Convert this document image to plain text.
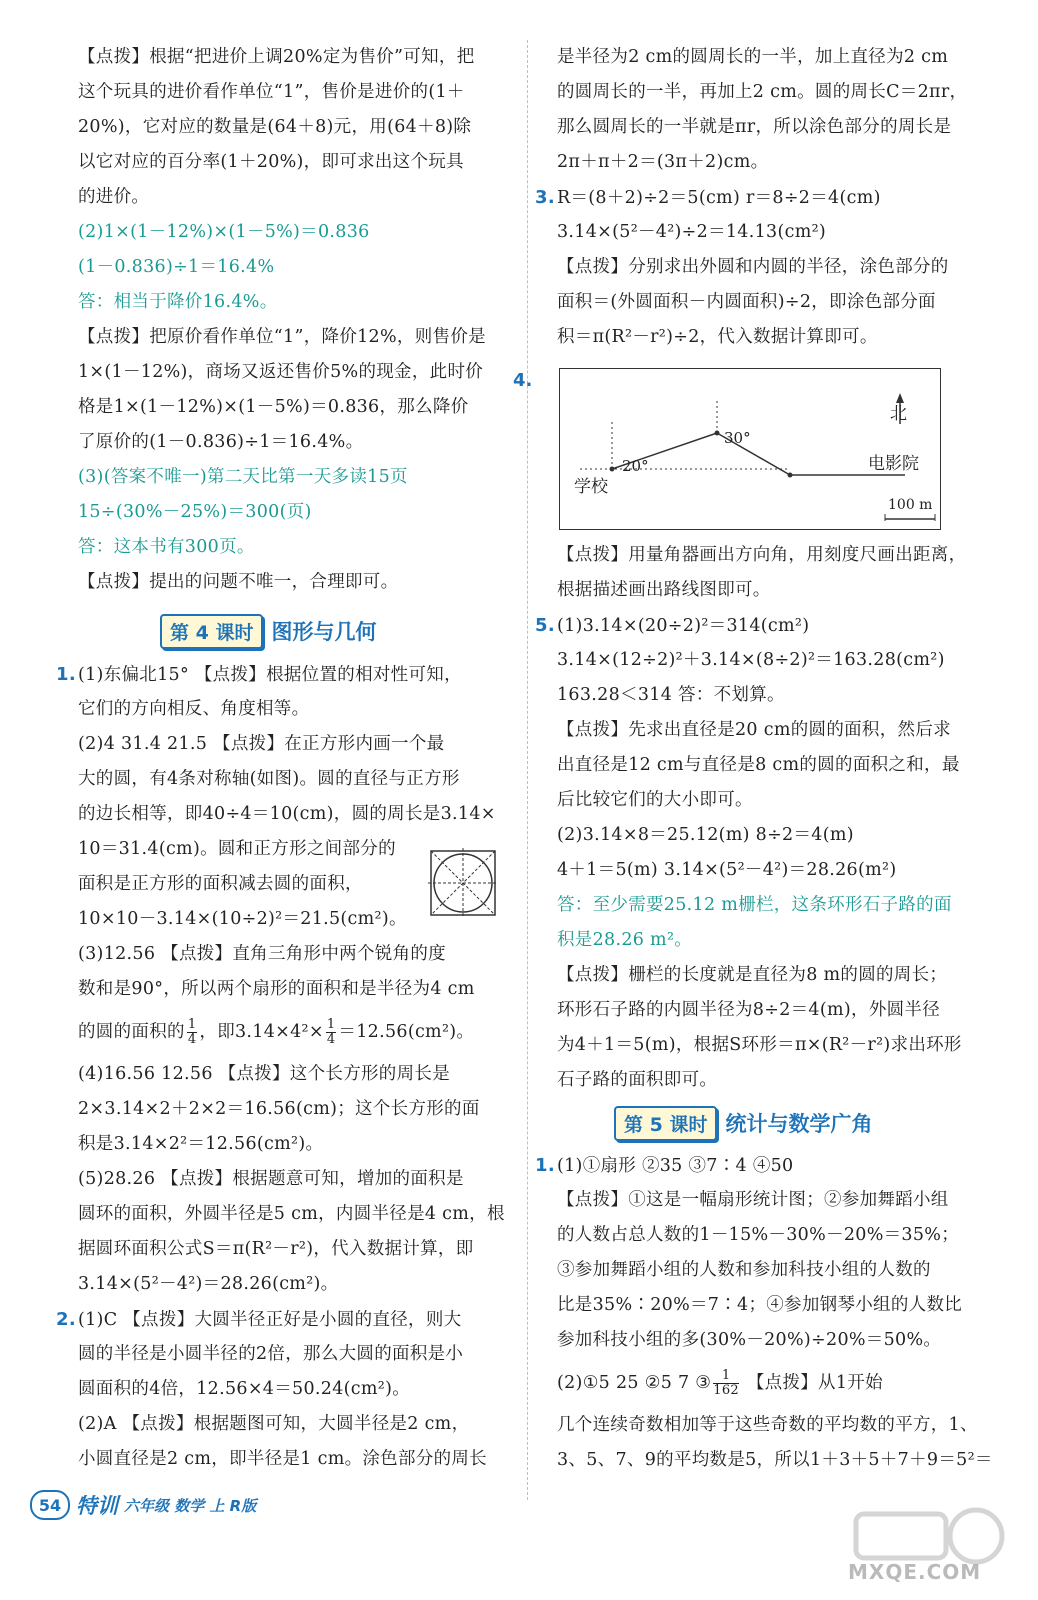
【点拨】根据“把进价上调20%定为售价”可知，把
这个玩具的进价看作单位“1”，售价是进价的(1＋
20%)，它对应的数量是(64＋8)元，用(64＋8)除
以它对应的百分率(1＋20%)，即可求出这个玩具
的进价。
(2)1×(1－12%)×(1－5%)＝0.836
(1－0.836)÷1＝16.4%
答：相当于降价16.4%。
【点拨】把原价看作单位“1”，降价12%，则售价是
1×(1－12%)，商场又返还售价5%的现金，此时价
格是1×(1－12%)×(1－5%)＝0.836，那么降价
了原价的(1－0.836)÷1＝16.4%。
(3)(答案不唯一)第二天比第一天多读15页
15÷(30%－25%)＝300(页)
答：这本书有300页。
【点拨】提出的问题不唯一，合理即可。
第 4 课时 图形与几何
1. (1)东偏北15° 【点拨】根据位置的相对性可知，
它们的方向相反、角度相等。
(2)4 31.4 21.5 【点拨】在正方形内画一个最
大的圆，有4条对称轴(如图)。圆的直径与正方形
的边长相等，即40÷4＝10(cm)，圆的周长是3.14×
10＝31.4(cm)。圆和正方形之间部分的
面积是正方形的面积减去圆的面积，
10×10－3.14×(10÷2)²＝21.5(cm²)。
(3)12.56 【点拨】直角三角形中两个锐角的度
数和是90°，所以两个扇形的面积和是半径为4 cm
的圆的面积的 $\frac{1}{4}$ ，即$3.14\times 4^2\times \frac{1}{4} =12.56(cm^2)$。
(4)16.56 12.56 【点拨】这个长方形的周长是
2×3.14×2＋2×2＝16.56(cm)；这个长方形的面
积是3.14×2²＝12.56(cm²)。
(5)28.26 【点拨】根据题意可知，增加的面积是
圆环的面积，外圆半径是5 cm，内圆半径是4 cm，根
据圆环面积公式S＝π(R²－r²)，代入数据计算，即
3.14×(5²－4²)＝28.26(cm²)。
2. (1)C 【点拨】大圆半径正好是小圆的直径，则大
圆的半径是小圆半径的2倍，那么大圆的面积是小
圆面积的4倍，12.56×4＝50.24(cm²)。
(2)A 【点拨】根据题图可知，大圆半径是2 cm，
小圆直径是2 cm，即半径是1 cm。涂色部分的周长
是半径为2 cm的圆周长的一半，加上直径为2 cm
的圆周长的一半，再加上2 cm。圆的周长C＝2πr，
那么圆周长的一半就是πr，所以涂色部分的周长是
2π＋π＋2＝(3π＋2)cm。
3. R＝(8＋2)÷2＝5(cm) r＝8÷2＝4(cm)
3.14×(5²－4²)÷2＝14.13(cm²)
【点拨】分别求出外圆和内圆的半径，涂色部分的
面积＝(外圆面积－内圆面积)÷2，即涂色部分面
积＝π(R²－r²)÷2，代入数据计算即可。
4.
北
学校
电影院
20°
30°
100 m
【点拨】用量角器画出方向角，用刻度尺画出距离，
根据描述画出路线图即可。
5. (1)3.14×(20÷2)²＝314(cm²)
3.14×(12÷2)²＋3.14×(8÷2)²＝163.28(cm²)
163.28＜314 答：不划算。
【点拨】先求出直径是20 cm的圆的面积，然后求
出直径是12 cm与直径是8 cm的圆的面积之和，最
后比较它们的大小即可。
(2)3.14×8＝25.12(m) 8÷2＝4(m)
4＋1＝5(m) 3.14×(5²－4²)＝28.26(m²)
答：至少需要25.12 m栅栏，这条环形石子路的面
积是28.26 m²。
【点拨】栅栏的长度就是直径为8 m的圆的周长；
环形石子路的内圆半径为8÷2＝4(m)，外圆半径
为4＋1＝5(m)，根据S环形＝π×(R²－r²)求出环形
石子路的面积即可。
第 5 课时 统计与数学广角
1. (1)①扇形 ②35 ③7∶4 ④50
【点拨】①这是一幅扇形统计图；②参加舞蹈小组
的人数占总人数的1－15%－30%－20%＝35%；
③参加舞蹈小组的人数和参加科技小组的人数的
比是35%∶20%＝7∶4；④参加钢琴小组的人数比
参加科技小组的多(30%－20%)÷20%＝50%。
(2)①5 25 ②5 7 ③ $\frac{1}{162}$ 【点拨】从1开始
几个连续奇数相加等于这些奇数的平均数的平方，1、
3、5、7、9的平均数是5，所以1＋3＋5＋7＋9＝5²＝
54 特训 六年级 数学 上 R版
MXQE.COM
